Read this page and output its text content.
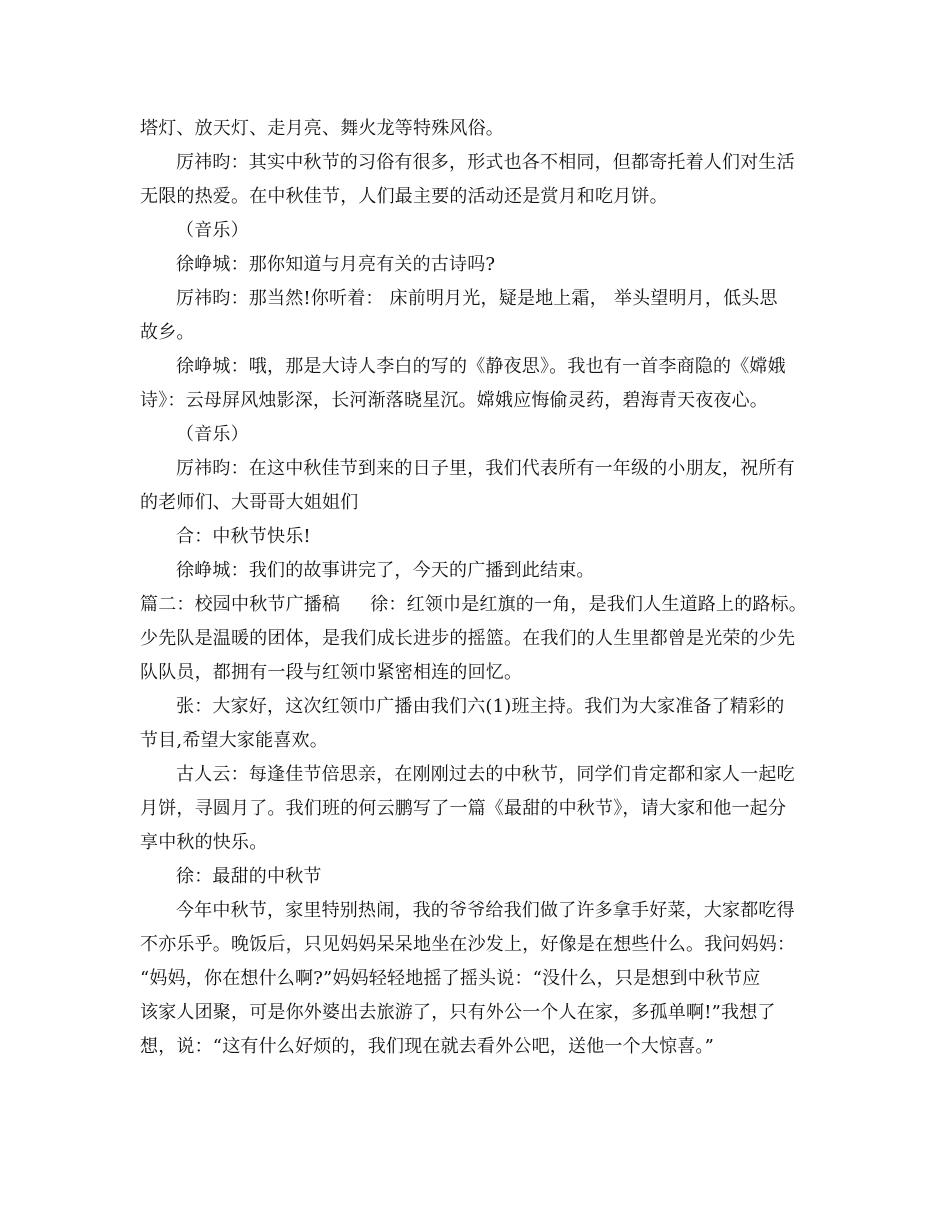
塔灯、放天灯、走月亮、舞火龙等特殊风俗。

厉祎昀：其实中秋节的习俗有很多，形式也各不相同，但都寄托着人们对生活
无限的热爱。在中秋佳节，人们最主要的活动还是赏月和吃月饼。

（音乐）

徐峥城：那你知道与月亮有关的古诗吗?

厉祎昀：那当然!你听着： 床前明月光，疑是地上霜， 举头望明月，低头思
故乡。

徐峥城：哦，那是大诗人李白的写的《静夜思》。我也有一首李商隐的《嫦娥
诗》：云母屏风烛影深，长河渐落晓星沉。嫦娥应悔偷灵药，碧海青天夜夜心。

（音乐）

厉祎昀：在这中秋佳节到来的日子里，我们代表所有一年级的小朋友，祝所有
的老师们、大哥哥大姐姐们

合：中秋节快乐!

徐峥城：我们的故事讲完了，今天的广播到此结束。

篇二：校园中秋节广播稿 徐：红领巾是红旗的一角，是我们人生道路上的路标。
少先队是温暖的团体，是我们成长进步的摇篮。在我们的人生里都曾是光荣的少先
队队员，都拥有一段与红领巾紧密相连的回忆。

张：大家好，这次红领巾广播由我们六(1)班主持。我们为大家准备了精彩的
节目,希望大家能喜欢。

古人云：每逢佳节倍思亲，在刚刚过去的中秋节，同学们肯定都和家人一起吃
月饼，寻圆月了。我们班的何云鹏写了一篇《最甜的中秋节》，请大家和他一起分
享中秋的快乐。

徐：最甜的中秋节

今年中秋节，家里特别热闹，我的爷爷给我们做了许多拿手好菜，大家都吃得
不亦乐乎。晚饭后，只见妈妈呆呆地坐在沙发上，好像是在想些什么。我问妈妈：
“妈妈，你在想什么啊?”妈妈轻轻地摇了摇头说：“没什么，只是想到中秋节应
该家人团聚，可是你外婆出去旅游了，只有外公一个人在家，多孤单啊!”我想了
想，说：“这有什么好烦的，我们现在就去看外公吧，送他一个大惊喜。”
